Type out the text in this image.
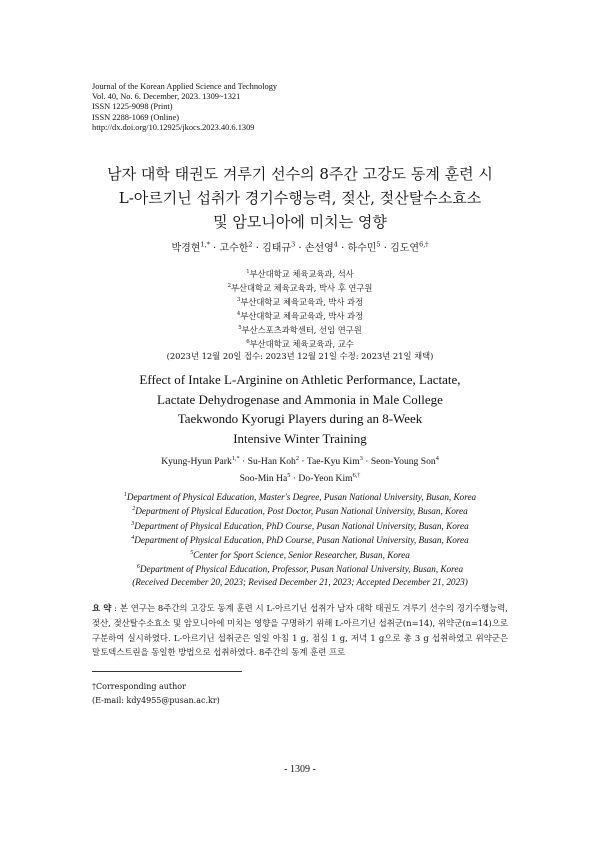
Journal of the Korean Applied Science and Technology
Vol. 40, No. 6. December, 2023. 1309~1321
ISSN 1225-9098 (Print)
ISSN 2288-1069 (Online)
http://dx.doi.org/10.12925/jkocs.2023.40.6.1309
남자 대학 태권도 겨루기 선수의 8주간 고강도 동계 훈련 시
L-아르기닌 섭취가 경기수행능력, 젖산, 젖산탈수소효소
및 암모니아에 미치는 영향
박경현$^{1,*}$ · 고수한$^2$ · 김태규$^3$ · 손선영$^4$ · 하수민$^5$ · 김도연$^{6,\dagger}$
$^1$부산대학교 체육교육과, 석사
$^2$부산대학교 체육교육과, 박사 후 연구원
$^3$부산대학교 체육교육과, 박사 과정
$^4$부산대학교 체육교육과, 박사 과정
$^5$부산스포츠과학센터, 선임 연구원
$^6$부산대학교 체육교육과, 교수
(2023년 12월 20일 접수: 2023년 12월 21일 수정: 2023년 21일 채택)
Effect of Intake L-Arginine on Athletic Performance, Lactate,
Lactate Dehydrogenase and Ammonia in Male College
Taekwondo Kyorugi Players during an 8-Week
Intensive Winter Training
Kyung-Hyun Park$^{1,*}$ · Su-Han Koh$^2$ · Tae-Kyu Kim$^3$ · Seon-Young Son$^4$
Soo-Min $Ha^5$ · Do-Yeon Kim$^{6,\dagger}$
$^1$Department of Physical Education, Master's Degree, Pusan National University, Busan, Korea
$^2$Department of Physical Education, Post Doctor, Pusan National University, Busan, Korea
$^3$Department of Physical Education, PhD Course, Pusan National University, Busan, Korea
$^4$Department of Physical Education, PhD Course, Pusan National University, Busan, Korea
$^5$Center for Sport Science, Senior Researcher, Busan, Korea
$^6$Department of Physical Education, Professor, Pusan National University, Busan, Korea
(Received December 20, 2023; Revised December 21, 2023; Accepted December 21, 2023)
요 약 : 본 연구는 8주간의 고강도 동계 훈련 시 L-아르기닌 섭취가 남자 대학 태권도 겨루기 선수의 경기수행능력, 젖산, 젖산탈수소효소 및 암모니아에 미치는 영향을 구명하기 위해 L-아르기닌 섭취군(n=14), 위약군(n=14)으로 구분하여 실시하였다. L-아르기닌 섭취군은 일일 아침 1 g, 점심 1 g, 저녁 1 g으로 총 3 g 섭취하였고 위약군은 말토덱스트린을 동일한 방법으로 섭취하였다. 8주간의 동계 훈련 프로
†Corresponding author
(E-mail: kdy4955@pusan.ac.kr)
- 1309 -
